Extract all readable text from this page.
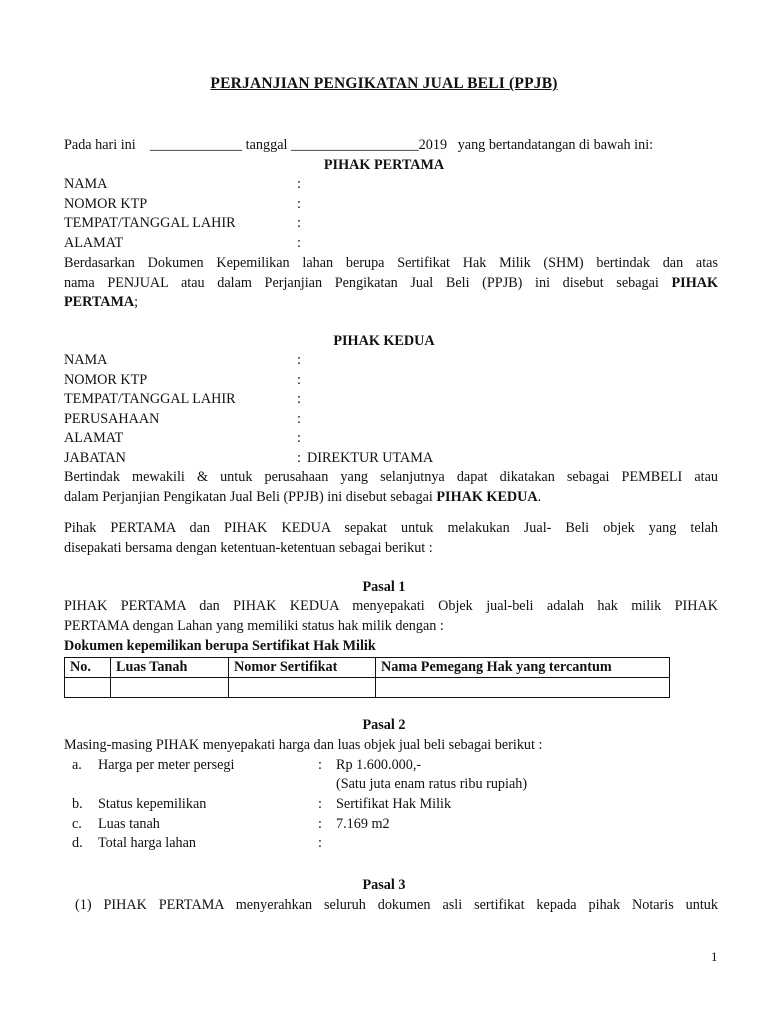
PERJANJIAN PENGIKATAN JUAL BELI (PPJB)
Pada hari ini _____________ tanggal __________________2019 yang bertandatangan di bawah ini:
PIHAK PERTAMA
NAMA	:
NOMOR KTP	:
TEMPAT/TANGGAL LAHIR	:
ALAMAT	:
Berdasarkan Dokumen Kepemilikan lahan berupa Sertifikat Hak Milik (SHM) bertindak dan atas
nama PENJUAL atau dalam Perjanjian Pengikatan Jual Beli (PPJB) ini disebut sebagai PIHAK
PERTAMA;
PIHAK KEDUA
NAMA	:
NOMOR KTP	:
TEMPAT/TANGGAL LAHIR	:
PERUSAHAAN	:
ALAMAT	:
JABATAN	: DIREKTUR UTAMA
Bertindak mewakili & untuk perusahaan yang selanjutnya dapat dikatakan sebagai PEMBELI atau
dalam Perjanjian Pengikatan Jual Beli (PPJB) ini disebut sebagai PIHAK KEDUA.
Pihak PERTAMA dan PIHAK KEDUA sepakat untuk melakukan Jual- Beli objek yang telah
disepakati bersama dengan ketentuan-ketentuan sebagai berikut :
Pasal 1
PIHAK PERTAMA dan PIHAK KEDUA menyepakati Objek jual-beli adalah hak milik PIHAK
PERTAMA dengan Lahan yang memiliki status hak milik dengan :
Dokumen kepemilikan berupa Sertifikat Hak Milik
No.	Luas Tanah	Nomor Sertifikat	Nama Pemegang Hak yang tercantum

Pasal 2
Masing-masing PIHAK menyepakati harga dan luas objek jual beli sebagai berikut :
a. Harga per meter persegi	: Rp 1.600.000,-
(Satu juta enam ratus ribu rupiah)
b. Status kepemilikan	: Sertifikat Hak Milik
c. Luas tanah	: 7.169 m2
d. Total harga lahan	:
Pasal 3
(1) PIHAK PERTAMA menyerahkan seluruh dokumen asli sertifikat kepada pihak Notaris untuk
1
